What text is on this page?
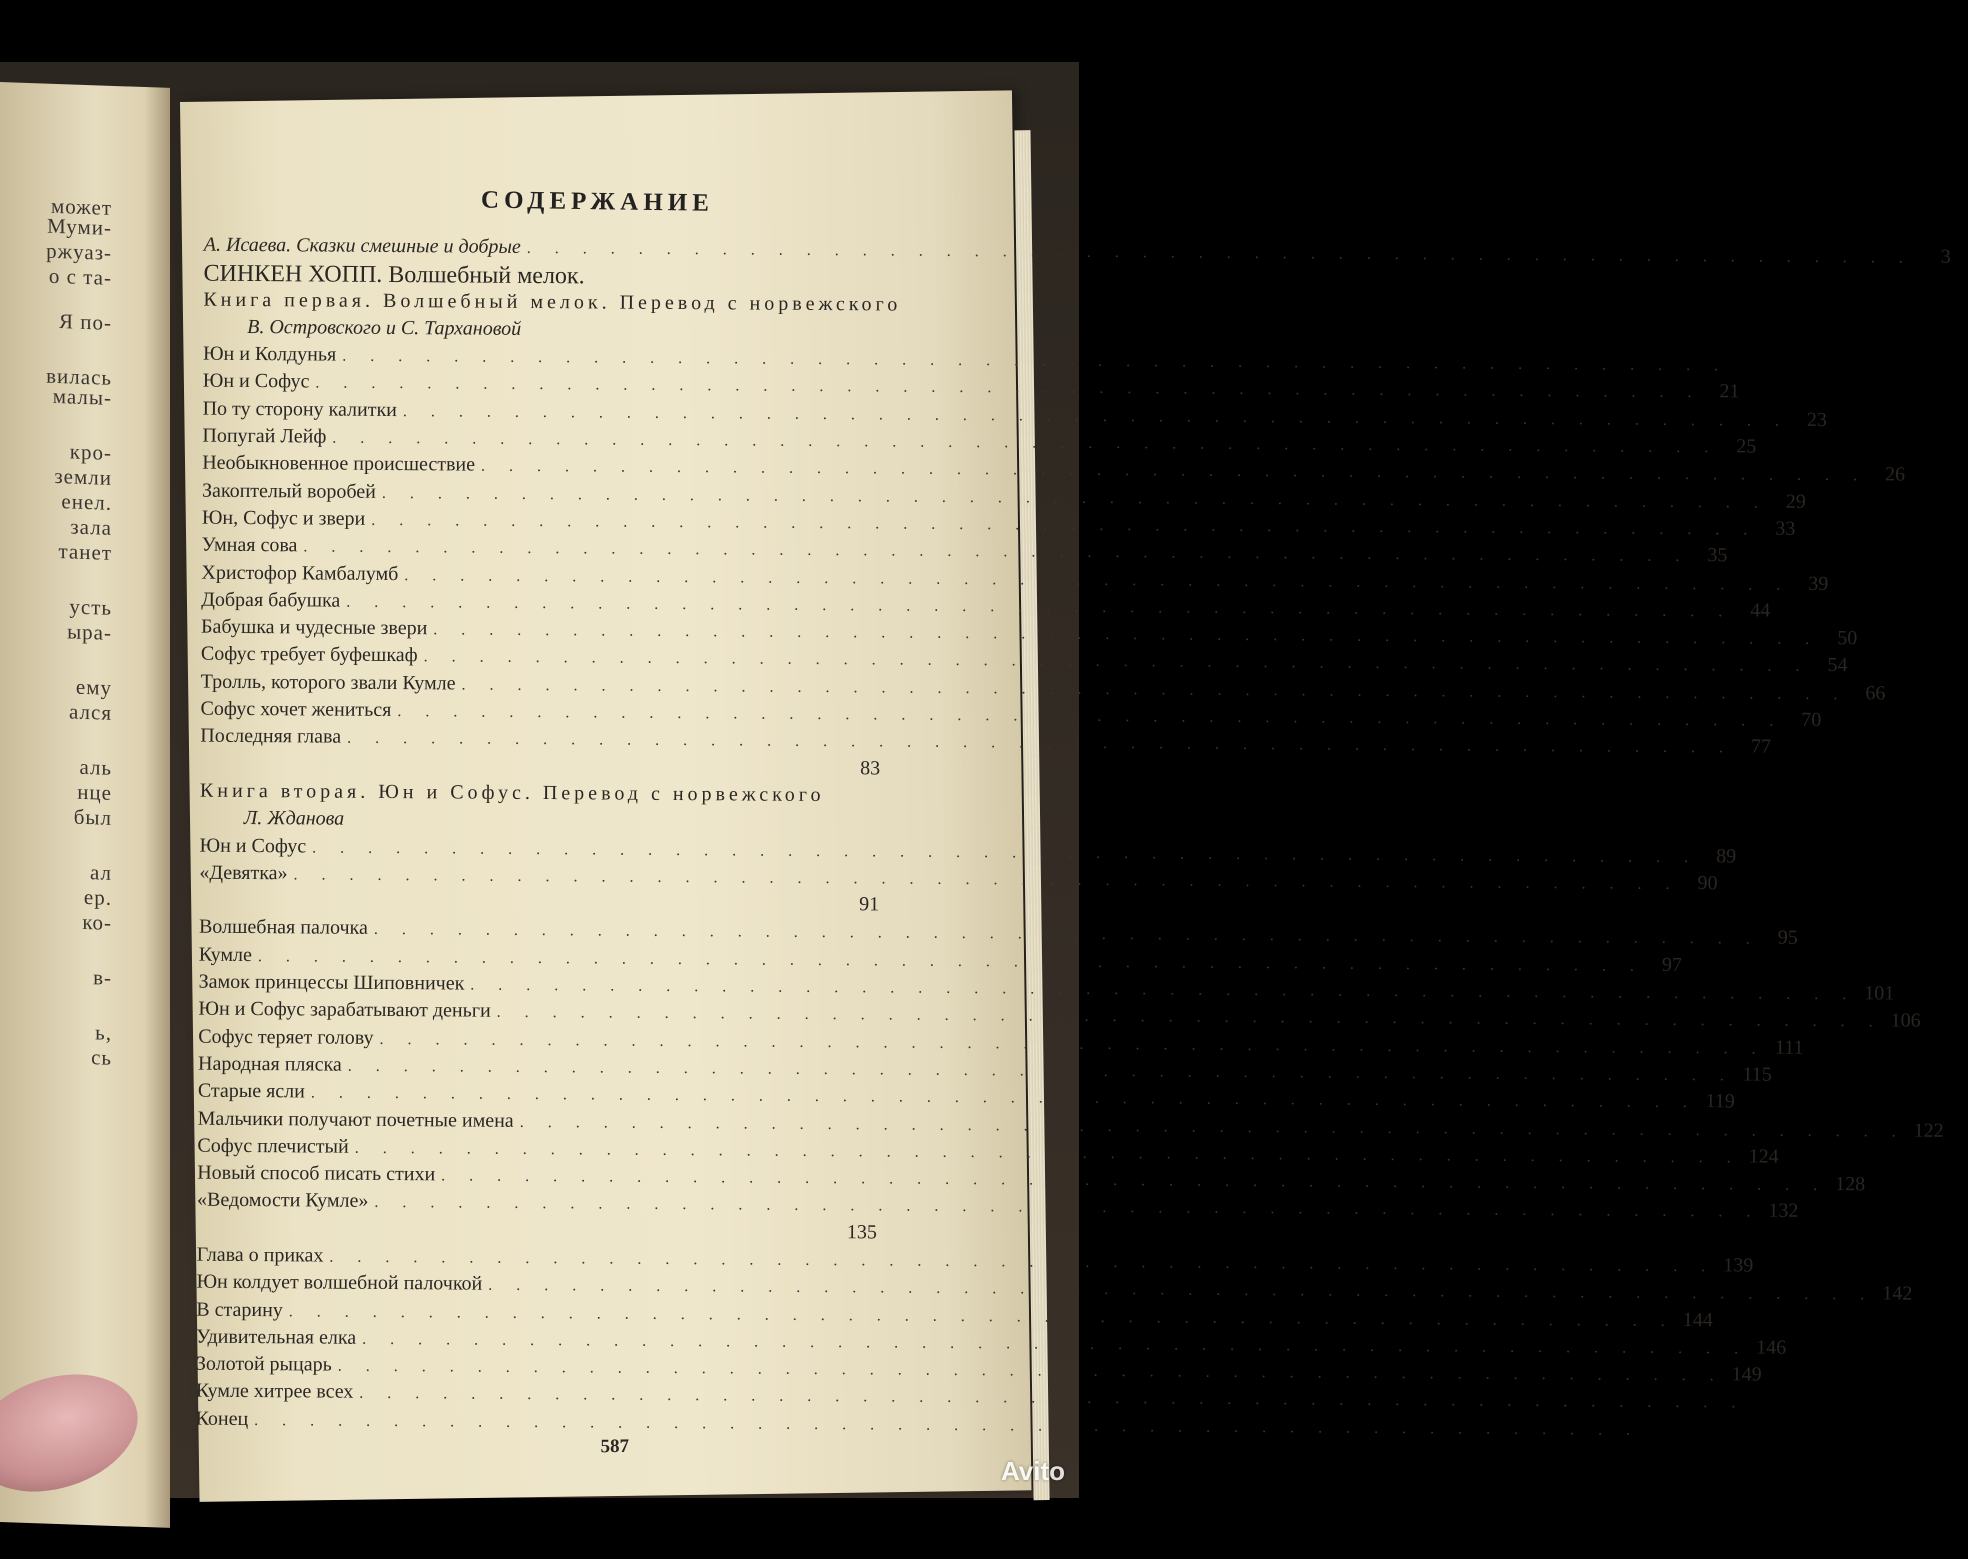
может
Муми-
ржуаз-
о с та-
Я по-
вилась
малы-
кро-
земли
енел.
зала
танет
усть
ыра-
ему
ался
аль
нце
был
ал
ер.
ко-
в-
ь,
сь
СОДЕРЖАНИЕ
А. Исаева. Сказки смешные и добрые . . . . . . . . . . . . . . . . . . . . . . . . . . . . . . . . . . . . . . . . . . . . . . . . . .	3
СИНКЕН ХОПП. Волшебный мелок.
Книга первая. Волшебный мелок. Перевод с норвежского
В. Островского и С. Тархановой
Юн и Колдунья . . . . . . . . . . . . . . . . . . . . . . . . . . . . . . . . . . . . . . . . . . . . . . . . . .
Юн и Софус . . . . . . . . . . . . . . . . . . . . . . . . . . . . . . . . . . . . . . . . . . . . . . . . . . 21
По ту сторону калитки . . . . . . . . . . . . . . . . . . . . . . . . . . . . . . . . . . . . . . . . . . . . . . . . . . 23
Попугай Лейф . . . . . . . . . . . . . . . . . . . . . . . . . . . . . . . . . . . . . . . . . . . . . . . . . . 25
Необыкновенное происшествие . . . . . . . . . . . . . . . . . . . . . . . . . . . . . . . . . . . . . . . . . . . . . . . . . . 26
Закоптелый воробей . . . . . . . . . . . . . . . . . . . . . . . . . . . . . . . . . . . . . . . . . . . . . . . . . . 29
Юн, Софус и звери . . . . . . . . . . . . . . . . . . . . . . . . . . . . . . . . . . . . . . . . . . . . . . . . . . 33
Умная сова . . . . . . . . . . . . . . . . . . . . . . . . . . . . . . . . . . . . . . . . . . . . . . . . . . 35
Христофор Камбалумб . . . . . . . . . . . . . . . . . . . . . . . . . . . . . . . . . . . . . . . . . . . . . . . . . . 39
Добрая бабушка . . . . . . . . . . . . . . . . . . . . . . . . . . . . . . . . . . . . . . . . . . . . . . . . . . 44
Бабушка и чудесные звери . . . . . . . . . . . . . . . . . . . . . . . . . . . . . . . . . . . . . . . . . . . . . . . . . . 50
Софус требует буфешкаф . . . . . . . . . . . . . . . . . . . . . . . . . . . . . . . . . . . . . . . . . . . . . . . . . . 54
Тролль, которого звали Кумле . . . . . . . . . . . . . . . . . . . . . . . . . . . . . . . . . . . . . . . . . . . . . . . . . . 66
Софус хочет жениться . . . . . . . . . . . . . . . . . . . . . . . . . . . . . . . . . . . . . . . . . . . . . . . . . . 70
Последняя глава . . . . . . . . . . . . . . . . . . . . . . . . . . . . . . . . . . . . . . . . . . . . . . . . . . 77
83
Книга вторая. Юн и Софус. Перевод с норвежского
Л. Жданова
Юн и Софус . . . . . . . . . . . . . . . . . . . . . . . . . . . . . . . . . . . . . . . . . . . . . . . . . . 89
«Девятка» . . . . . . . . . . . . . . . . . . . . . . . . . . . . . . . . . . . . . . . . . . . . . . . . . . 90
91
Волшебная палочка . . . . . . . . . . . . . . . . . . . . . . . . . . . . . . . . . . . . . . . . . . . . . . . . . . 95
Кумле . . . . . . . . . . . . . . . . . . . . . . . . . . . . . . . . . . . . . . . . . . . . . . . . . . 97
Замок принцессы Шиповничек . . . . . . . . . . . . . . . . . . . . . . . . . . . . . . . . . . . . . . . . . . . . . . . . . . 101
Юн и Софус зарабатывают деньги . . . . . . . . . . . . . . . . . . . . . . . . . . . . . . . . . . . . . . . . . . . . . . . . . . 106
Софус теряет голову . . . . . . . . . . . . . . . . . . . . . . . . . . . . . . . . . . . . . . . . . . . . . . . . . . 111
Народная пляска . . . . . . . . . . . . . . . . . . . . . . . . . . . . . . . . . . . . . . . . . . . . . . . . . . 115
Старые ясли . . . . . . . . . . . . . . . . . . . . . . . . . . . . . . . . . . . . . . . . . . . . . . . . . . 119
Мальчики получают почетные имена . . . . . . . . . . . . . . . . . . . . . . . . . . . . . . . . . . . . . . . . . . . . . . . . . . 122
Софус плечистый . . . . . . . . . . . . . . . . . . . . . . . . . . . . . . . . . . . . . . . . . . . . . . . . . . 124
Новый способ писать стихи . . . . . . . . . . . . . . . . . . . . . . . . . . . . . . . . . . . . . . . . . . . . . . . . . . 128
«Ведомости Кумле» . . . . . . . . . . . . . . . . . . . . . . . . . . . . . . . . . . . . . . . . . . . . . . . . . . 132
135
Глава о приках . . . . . . . . . . . . . . . . . . . . . . . . . . . . . . . . . . . . . . . . . . . . . . . . . . 139
Юн колдует волшебной палочкой . . . . . . . . . . . . . . . . . . . . . . . . . . . . . . . . . . . . . . . . . . . . . . . . . . 142
В старину . . . . . . . . . . . . . . . . . . . . . . . . . . . . . . . . . . . . . . . . . . . . . . . . . . 144
Удивительная елка . . . . . . . . . . . . . . . . . . . . . . . . . . . . . . . . . . . . . . . . . . . . . . . . . . 146
Золотой рыцарь . . . . . . . . . . . . . . . . . . . . . . . . . . . . . . . . . . . . . . . . . . . . . . . . . . 149
Кумле хитрее всех . . . . . . . . . . . . . . . . . . . . . . . . . . . . . . . . . . . . . . . . . . . . . . . . . .
Конец . . . . . . . . . . . . . . . . . . . . . . . . . . . . . . . . . . . . . . . . . . . . . . . . . .
587
Avito
